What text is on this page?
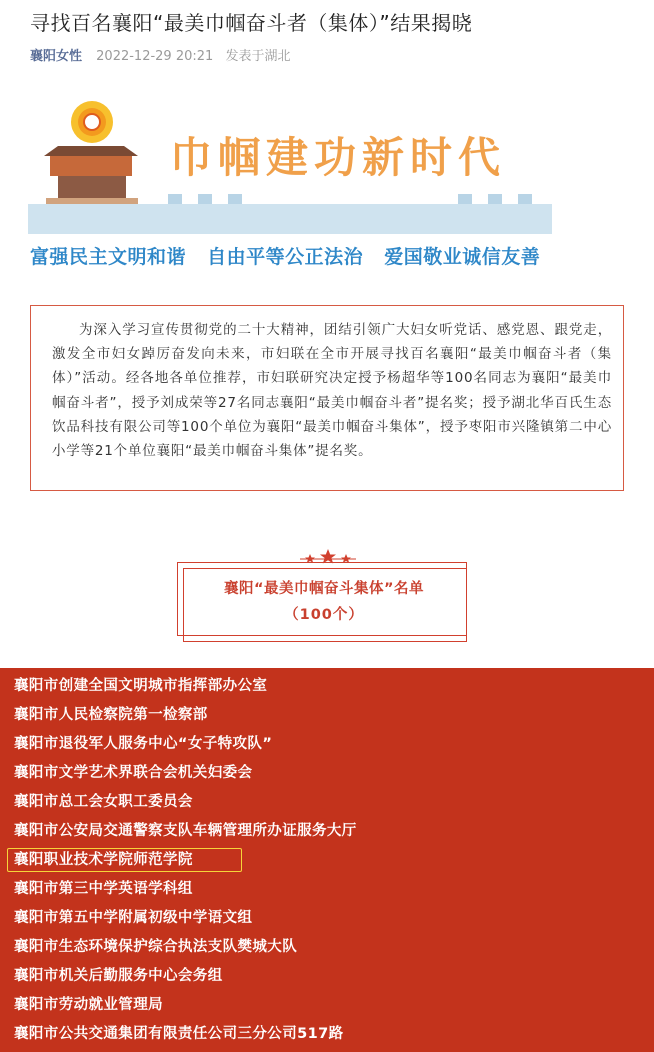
寻找百名襄阳“最美巾帼奋斗者（集体）”结果揭晓
襄阳女性 2022-12-29 20:21 发表于湖北
巾帼建功新时代
富强民主文明和谐 自由平等公正法治 爱国敬业诚信友善
为深入学习宣传贯彻党的二十大精神，团结引领广大妇女听党话、感党恩、跟党走，激发全市妇女踔厉奋发向未来，市妇联在全市开展寻找百名襄阳“最美巾帼奋斗者（集体）”活动。经各地各单位推荐，市妇联研究决定授予杨超华等100名同志为襄阳“最美巾帼奋斗者”，授予刘成荣等27名同志襄阳“最美巾帼奋斗者”提名奖；授予湖北华百氏生态饮品科技有限公司等100个单位为襄阳“最美巾帼奋斗集体”，授予枣阳市兴隆镇第二中心小学等21个单位襄阳“最美巾帼奋斗集体”提名奖。
襄阳“最美巾帼奋斗集体”名单
（100个）
襄阳市创建全国文明城市指挥部办公室
襄阳市人民检察院第一检察部
襄阳市退役军人服务中心“女子特攻队”
襄阳市文学艺术界联合会机关妇委会
襄阳市总工会女职工委员会
襄阳市公安局交通警察支队车辆管理所办证服务大厅
襄阳职业技术学院师范学院
襄阳市第三中学英语学科组
襄阳市第五中学附属初级中学语文组
襄阳市生态环境保护综合执法支队樊城大队
襄阳市机关后勤服务中心会务组
襄阳市劳动就业管理局
襄阳市公共交通集团有限责任公司三分公司517路
